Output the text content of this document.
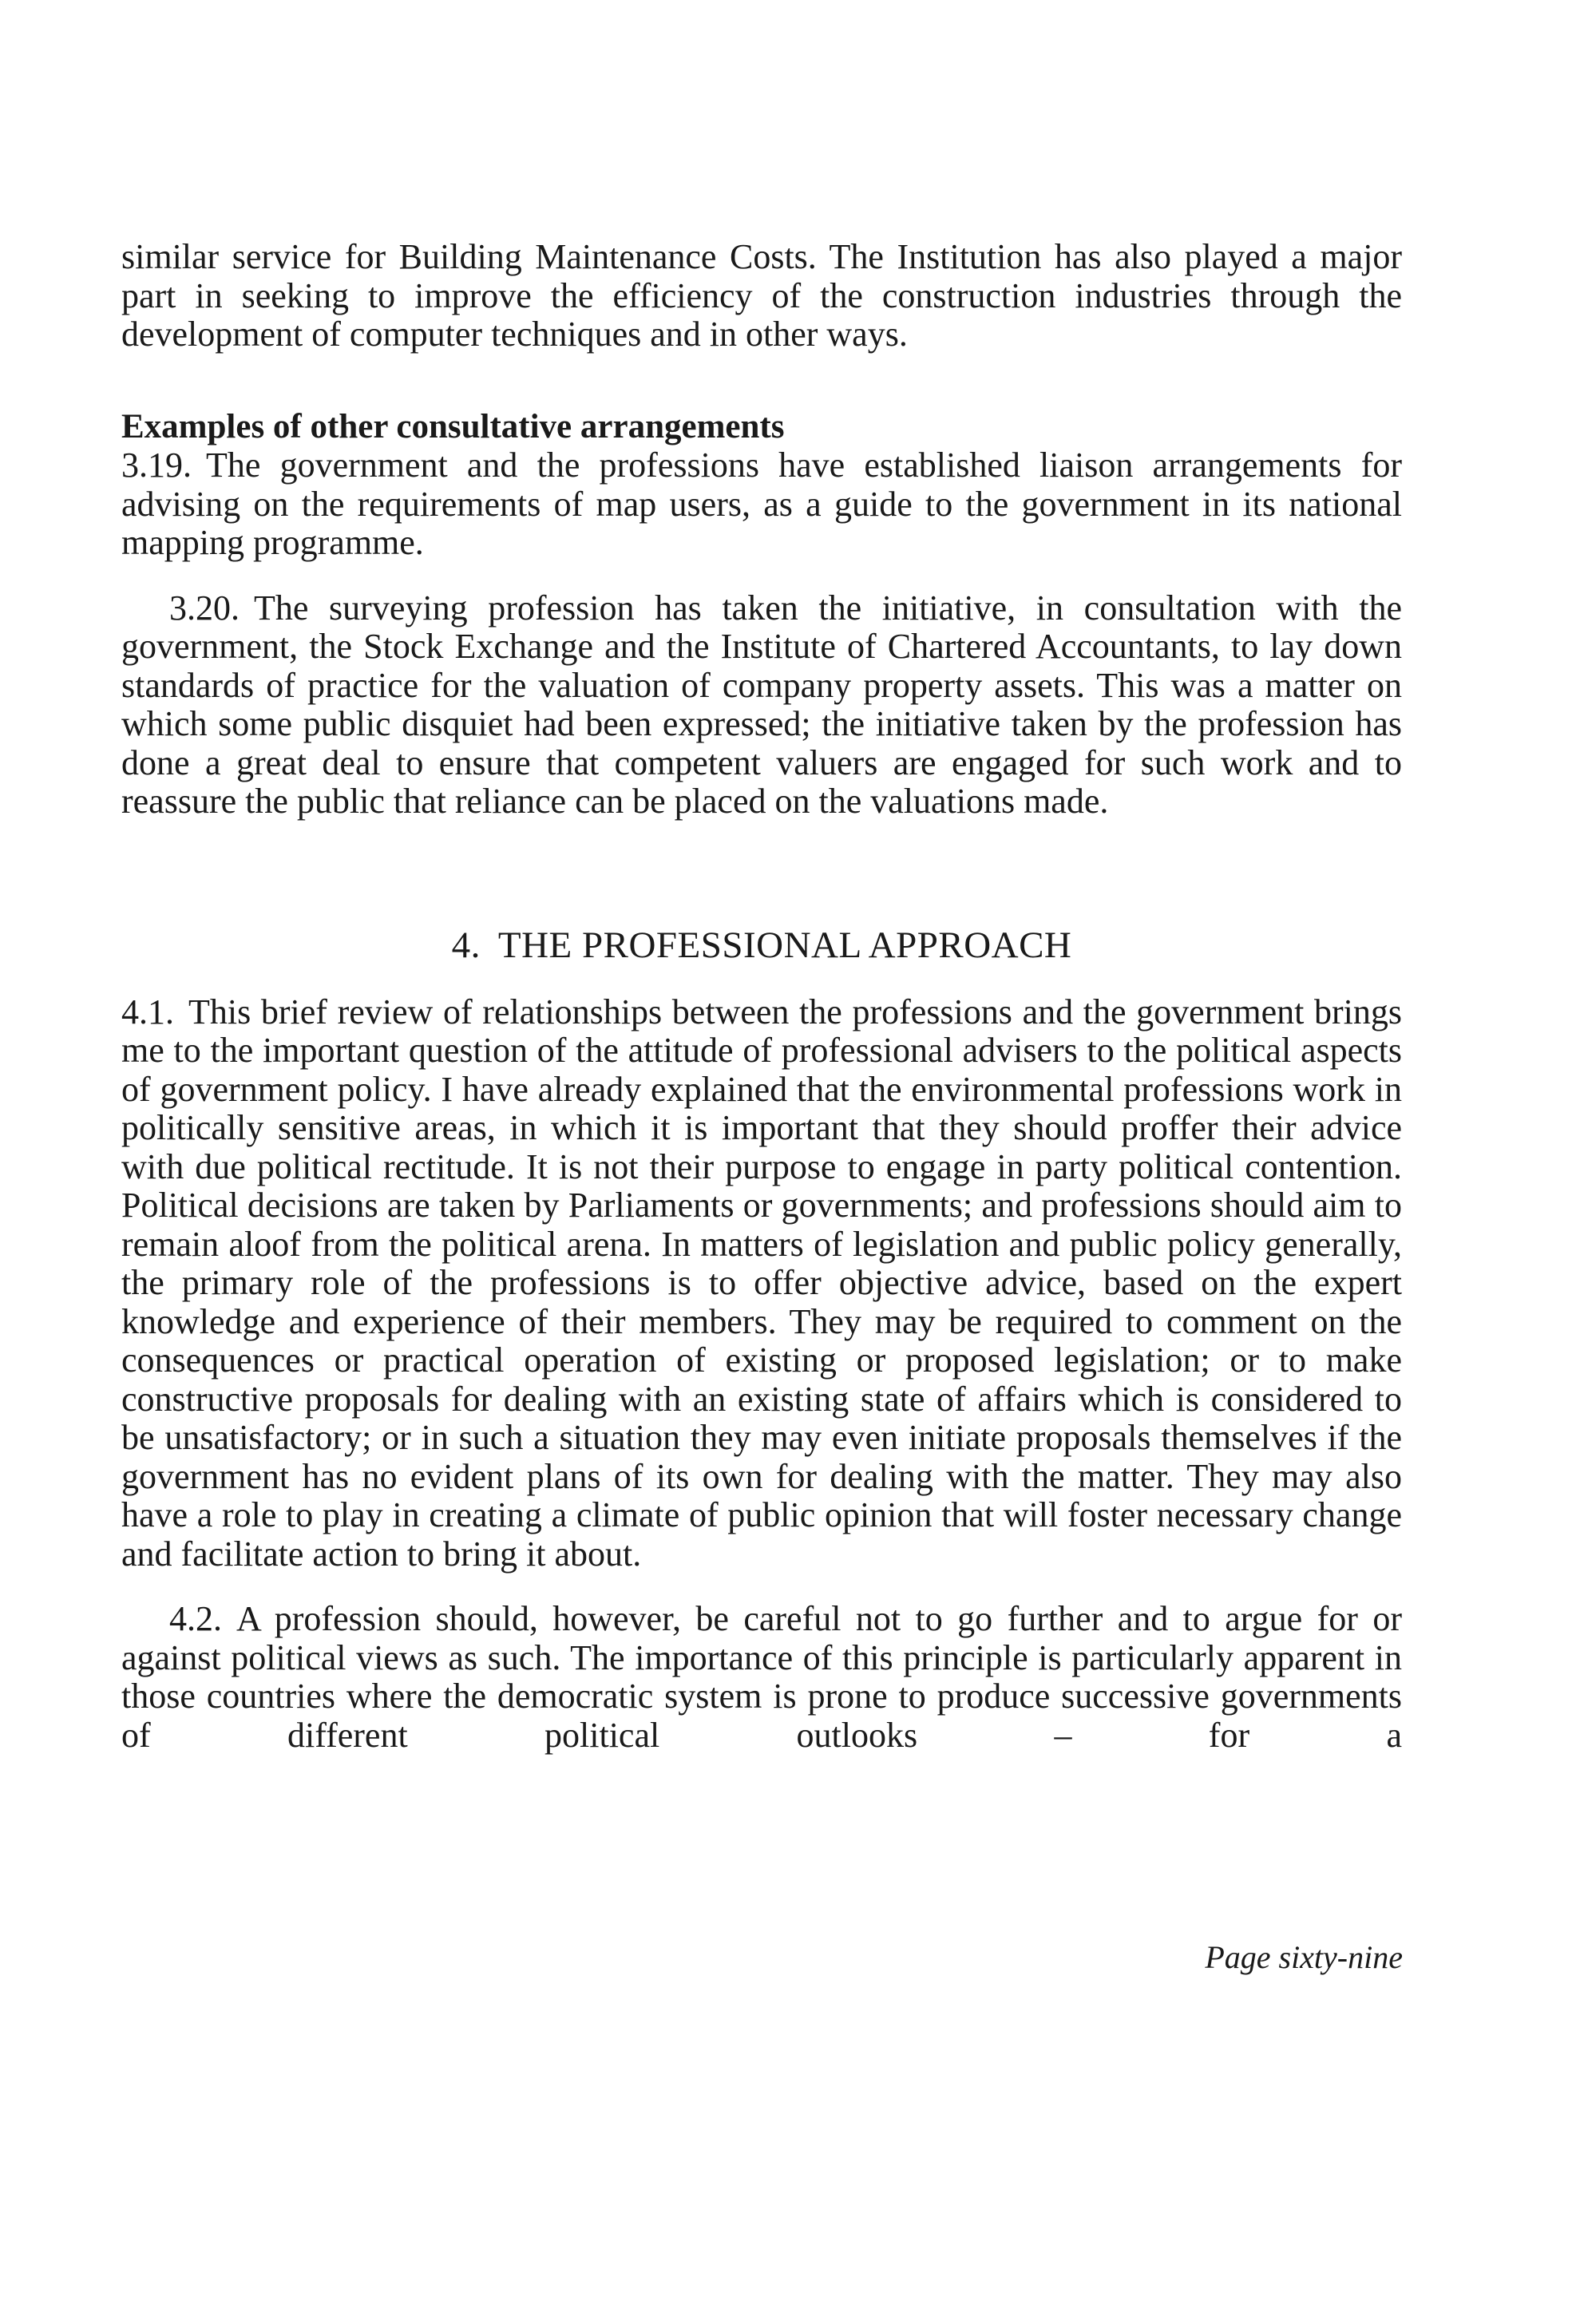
similar service for Building Maintenance Costs. The Institution has also played a major part in seeking to improve the efficiency of the construction industries through the development of computer techniques and in other ways.

Examples of other consultative arrangements

3.19. The government and the professions have established liaison arrangements for advising on the requirements of map users, as a guide to the government in its national mapping programme.

3.20. The surveying profession has taken the initiative, in consultation with the government, the Stock Exchange and the Institute of Chartered Accountants, to lay down standards of practice for the valuation of company property assets. This was a matter on which some public disquiet had been expressed; the initiative taken by the profession has done a great deal to ensure that competent valuers are engaged for such work and to reassure the public that reliance can be placed on the valuations made.

4. THE PROFESSIONAL APPROACH

4.1. This brief review of relationships between the professions and the government brings me to the important question of the attitude of professional advisers to the political aspects of government policy. I have already explained that the environmental professions work in politically sensitive areas, in which it is important that they should proffer their advice with due political rectitude. It is not their purpose to engage in party political contention. Political decisions are taken by Parliaments or governments; and professions should aim to remain aloof from the political arena. In matters of legislation and public policy generally, the primary role of the professions is to offer objective advice, based on the expert knowledge and experience of their members. They may be required to comment on the consequences or practical operation of existing or proposed legislation; or to make constructive proposals for dealing with an existing state of affairs which is considered to be unsatisfactory; or in such a situation they may even initiate proposals themselves if the government has no evident plans of its own for dealing with the matter. They may also have a role to play in creating a climate of public opinion that will foster necessary change and facilitate action to bring it about.

4.2. A profession should, however, be careful not to go further and to argue for or against political views as such. The importance of this principle is particularly apparent in those countries where the democratic system is prone to produce successive governments of different political outlooks – for a

Page sixty-nine
